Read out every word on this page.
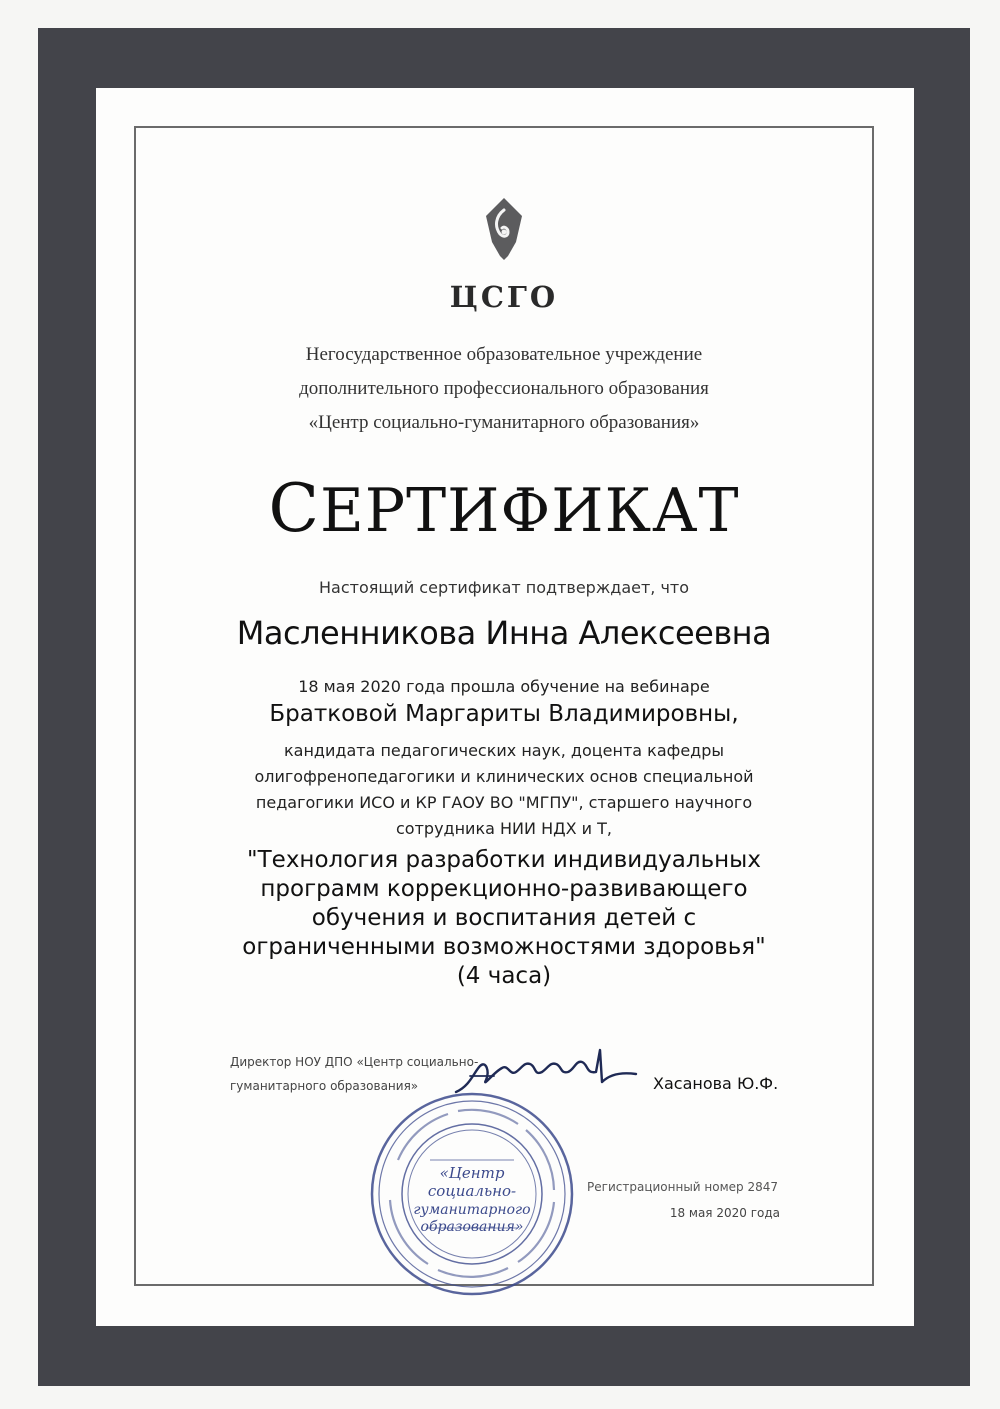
ЦСГО
Негосударственное образовательное учреждение
дополнительного профессионального образования
«Центр социально-гуманитарного образования»
СЕРТИФИКАТ
Настоящий сертификат подтверждает, что
Масленникова Инна Алексеевна
18 мая 2020 года прошла обучение на вебинаре
Братковой Маргариты Владимировны,
кандидата педагогических наук, доцента кафедры
олигофренопедагогики и клинических основ специальной
педагогики ИСО и КР ГАОУ ВО "МГПУ", старшего научного
сотрудника НИИ НДХ и Т,
"Технология разработки индивидуальных
программ коррекционно-развивающего
обучения и воспитания детей с
ограниченными возможностями здоровья"
(4 часа)
Директор НОУ ДПО «Центр социально-
гуманитарного образования»
«Центр
социально-
гуманитарного
образования»
Хасанова Ю.Ф.
Регистрационный номер 2847
18 мая 2020 года
